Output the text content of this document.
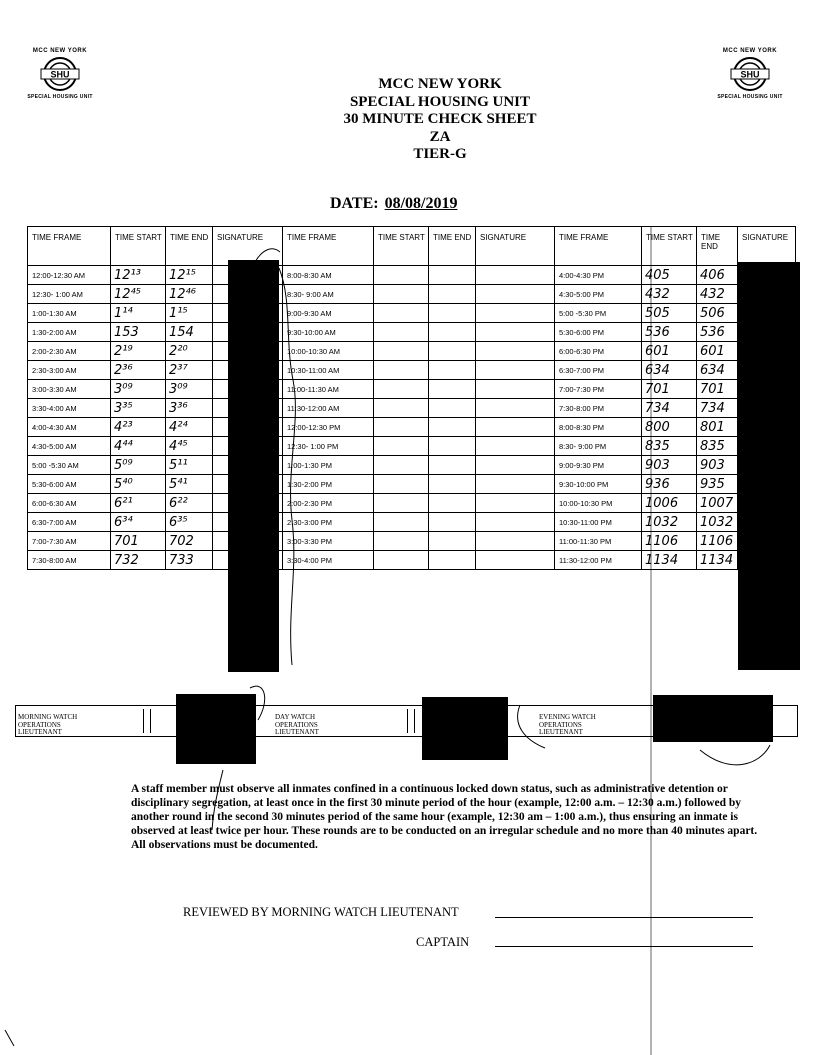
MCC NEW YORK
SHU
SPECIAL HOUSING UNIT
MCC NEW YORK
SHU
SPECIAL HOUSING UNIT
MCC NEW YORK
SPECIAL HOUSING UNIT
30 MINUTE CHECK SHEET
ZA
TIER-G
DATE: 08/08/2019
TIME FRAME	TIME START	TIME END	SIGNATURE	TIME FRAME	TIME START	TIME END	SIGNATURE	TIME FRAME	TIME START	TIME END	SIGNATURE
12:00-12:30 AM	12¹³	12¹⁵		8:00-8:30 AM				4:00-4:30 PM	405	406	
12:30- 1:00 AM	12⁴⁵	12⁴⁶		8:30- 9:00 AM				4:30-5:00 PM	432	432	
1:00-1:30 AM	1¹⁴	1¹⁵		9:00-9:30 AM				5:00 -5:30 PM	505	506	
1:30-2:00 AM	153	154		9:30-10:00 AM				5:30-6:00 PM	536	536	
2:00-2:30 AM	2¹⁹	2²⁰		10:00-10:30 AM				6:00-6:30 PM	601	601	
2:30-3:00 AM	2³⁶	2³⁷		10:30-11:00 AM				6:30-7:00 PM	634	634	
3:00-3:30 AM	3⁰⁹	3⁰⁹		11:00-11:30 AM				7:00-7:30 PM	701	701	
3:30-4:00 AM	3³⁵	3³⁶		11:30-12:00 AM				7:30-8:00 PM	734	734	
4:00-4:30 AM	4²³	4²⁴		12:00-12:30 PM				8:00-8:30 PM	800	801	
4:30-5:00 AM	4⁴⁴	4⁴⁵		12:30- 1:00 PM				8:30- 9:00 PM	835	835	
5:00 -5:30 AM	5⁰⁹	5¹¹		1:00-1:30 PM				9:00-9:30 PM	903	903	
5:30-6:00 AM	5⁴⁰	5⁴¹		1:30-2:00 PM				9:30-10:00 PM	936	935	
6:00-6:30 AM	6²¹	6²²		2:00-2:30 PM				10:00-10:30 PM	1006	1007	
6:30-7:00 AM	6³⁴	6³⁵		2:30-3:00 PM				10:30-11:00 PM	1032	1032	
7:00-7:30 AM	701	702		3:00-3:30 PM				11:00-11:30 PM	1106	1106	
7:30-8:00 AM	732	733		3:30-4:00 PM				11:30-12:00 PM	1134	1134	
MORNING WATCH
OPERATIONS
LIEUTENANT
DAY WATCH
OPERATIONS
LIEUTENANT
EVENING WATCH
OPERATIONS
LIEUTENANT
A staff member must observe all inmates confined in a continuous locked down status, such as administrative detention or disciplinary segregation, at least once in the first 30 minute period of the hour (example, 12:00 a.m. – 12:30 a.m.) followed by another round in the second 30 minutes period of the same hour (example, 12:30 am – 1:00 a.m.), thus ensuring an inmate is observed at least twice per hour. These rounds are to be conducted on an irregular schedule and no more than 40 minutes apart. All observations must be documented.
REVIEWED BY MORNING WATCH LIEUTENANT
CAPTAIN
